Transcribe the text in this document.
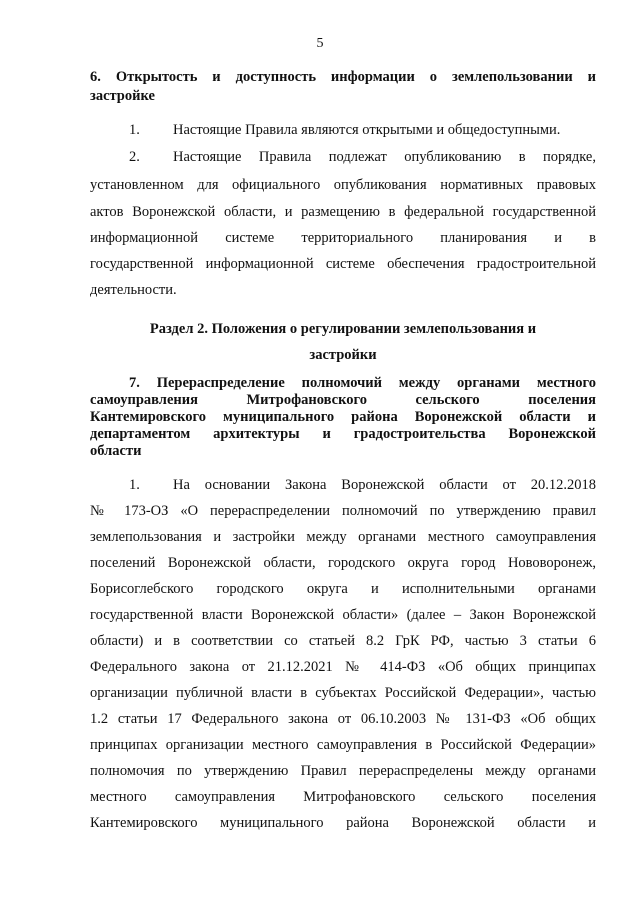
5
6. Открытость и доступность информации о землепользовании и
застройке
1. Настоящие Правила являются открытыми и общедоступными.
2. Настоящие Правила подлежат опубликованию в порядке,
установленном для официального опубликования нормативных правовых
актов Воронежской области, и размещению в федеральной государственной
информационной системе территориального планирования и в
государственной информационной системе обеспечения градостроительной
деятельности.
Раздел 2. Положения о регулировании землепользования и
застройки
7. Перераспределение полномочий между органами местного
самоуправления Митрофановского сельского поселения
Кантемировского муниципального района Воронежской области и
департаментом архитектуры и градостроительства Воронежской
области
1. На основании Закона Воронежской области от 20.12.2018
№ 173-ОЗ «О перераспределении полномочий по утверждению правил
землепользования и застройки между органами местного самоуправления
поселений Воронежской области, городского округа город Нововоронеж,
Борисоглебского городского округа и исполнительными органами
государственной власти Воронежской области» (далее – Закон Воронежской
области) и в соответствии со статьей 8.2 ГрК РФ, частью 3 статьи 6
Федерального закона от 21.12.2021 № 414-ФЗ «Об общих принципах
организации публичной власти в субъектах Российской Федерации», частью
1.2 статьи 17 Федерального закона от 06.10.2003 № 131-ФЗ «Об общих
принципах организации местного самоуправления в Российской Федерации»
полномочия по утверждению Правил перераспределены между органами
местного самоуправления Митрофановского сельского поселения
Кантемировского муниципального района Воронежской области и
